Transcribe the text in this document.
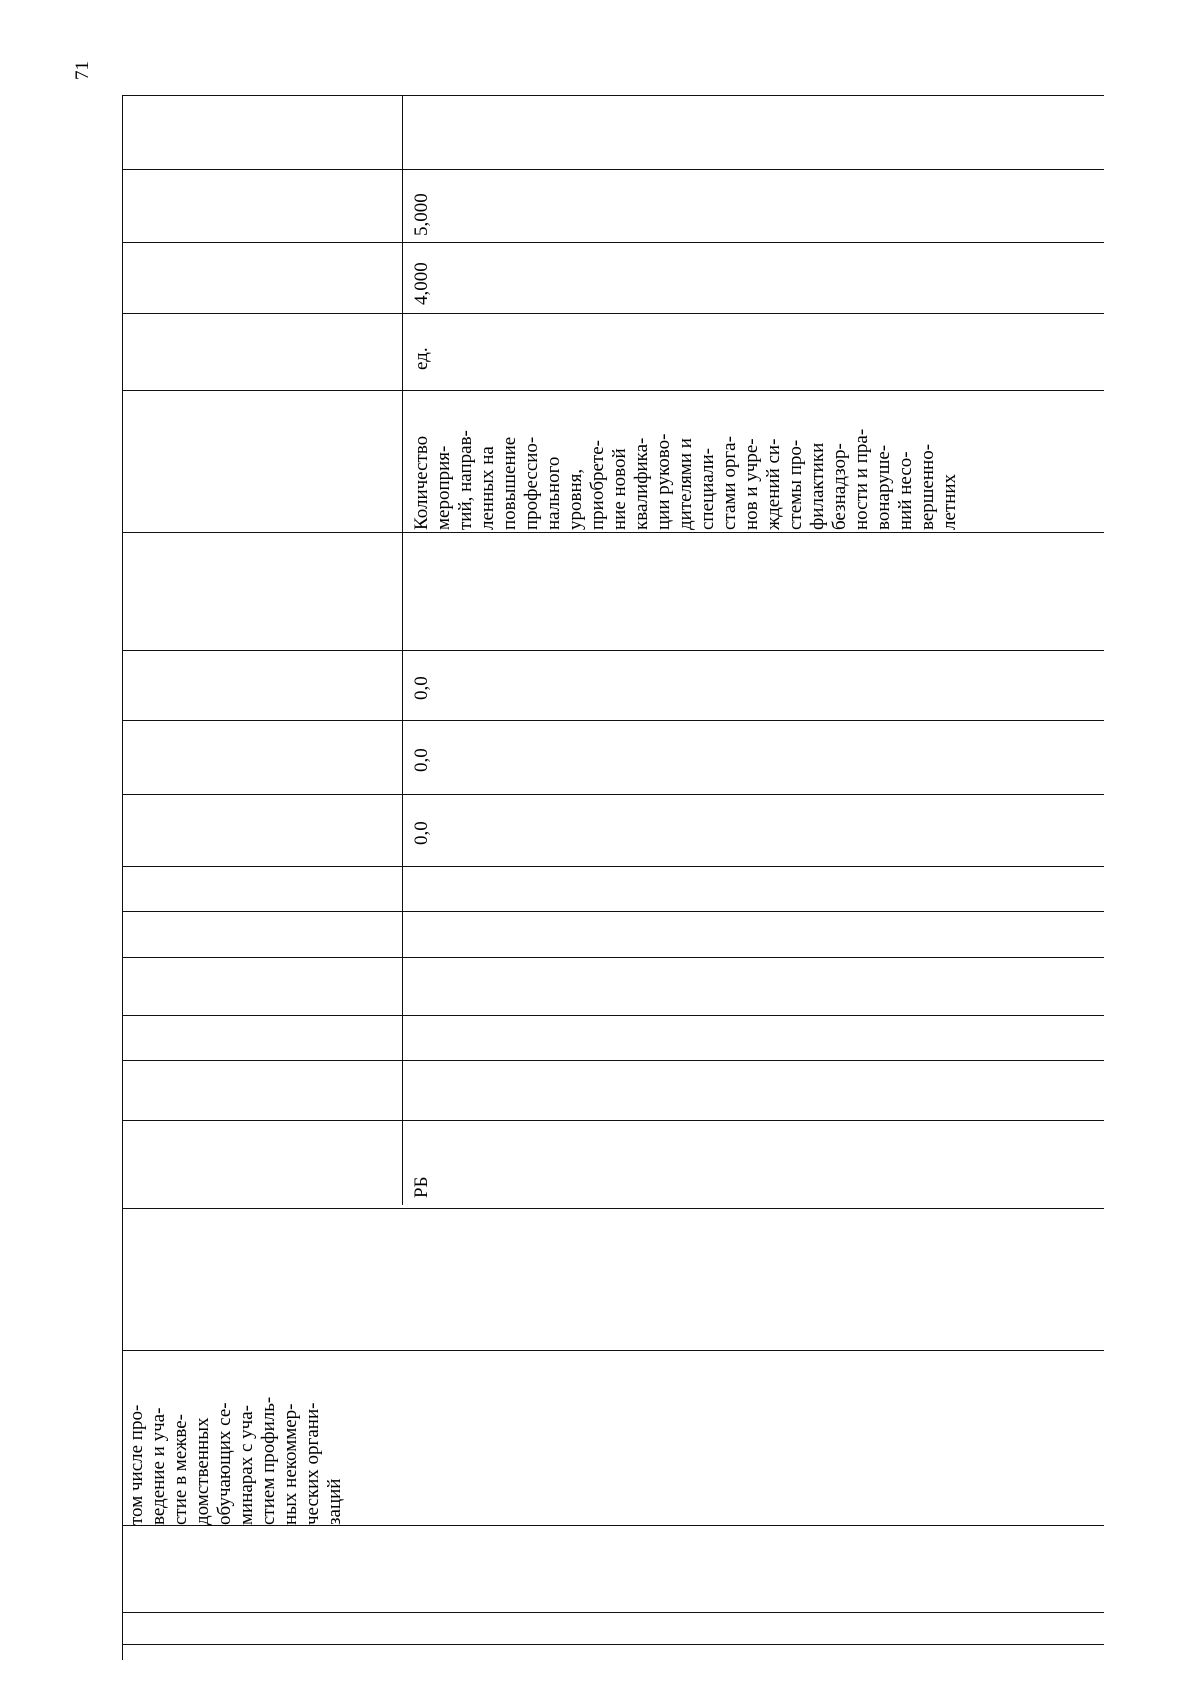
71
5,000
4,000
ед.
Количество мероприя- тий, направ- ленных на повышение профессио- нального уровня, приобрете- ние новой квалифика- ции руково- дителями и специали- стами орга- нов и учре- ждений си- стемы про- филактики безнадзор- ности и пра- вонаруше- ний несо- вершенно- летних
0,0
0,0
0,0
РБ
том числе про- ведение и уча- стие в межве- домственных обучающих се- минарах с уча- стием профиль- ных некоммер- ческих органи- заций
